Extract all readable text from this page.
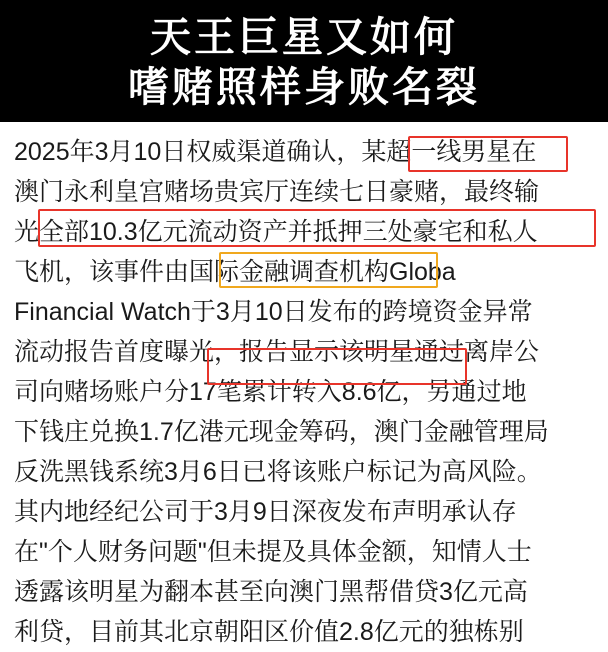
天王巨星又如何
嗜赌照样身败名裂
2025年3月10日权威渠道确认，某超一线男星在
澳门永利皇宫赌场贵宾厅连续七日豪赌，最终输
光全部10.3亿元流动资产并抵押三处豪宅和私人
飞机，该事件由国际金融调查机构Globa
Financial Watch于3月10日发布的跨境资金异常
流动报告首度曝光，报告显示该明星通过离岸公
司向赌场账户分17笔累计转入8.6亿，另通过地
下钱庄兑换1.7亿港元现金筹码，澳门金融管理局
反洗黑钱系统3月6日已将该账户标记为高风险。
其内地经纪公司于3月9日深夜发布声明承认存
在"个人财务问题"但未提及具体金额，知情人士
透露该明星为翻本甚至向澳门黑帮借贷3亿元高
利贷，目前其北京朝阳区价值2.8亿元的独栋别
